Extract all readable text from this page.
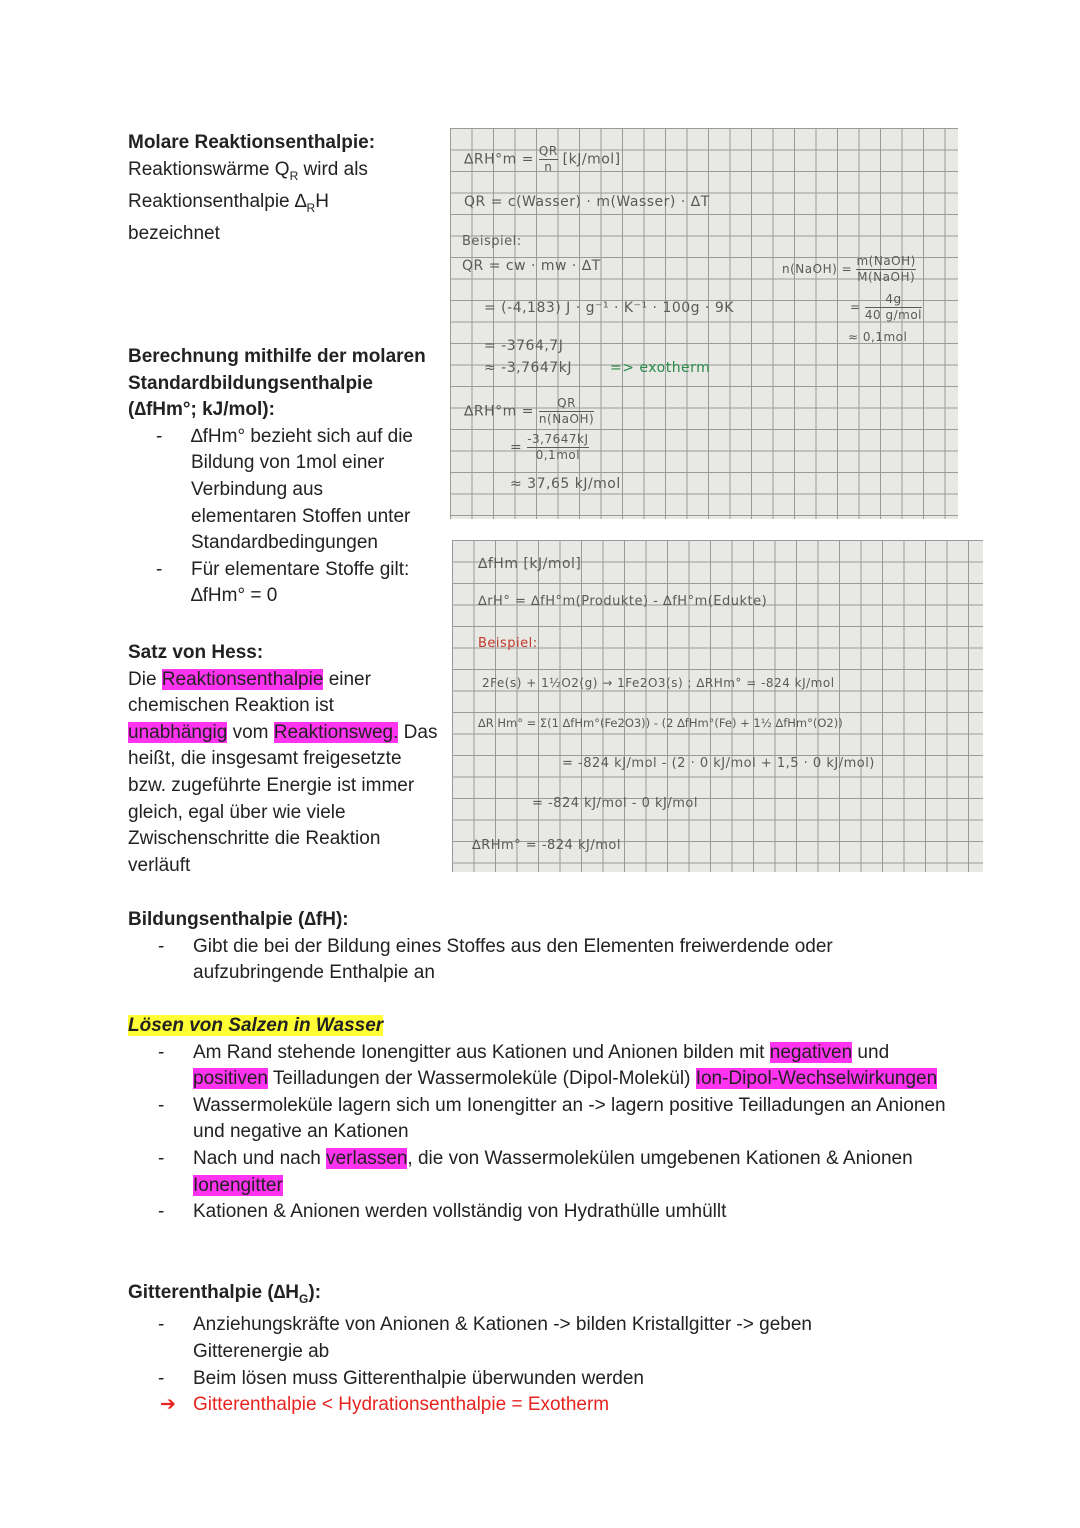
Molare Reaktionsenthalpie:
Reaktionswärme $Q_R$ wird als
Reaktionsenthalpie $\Delta_RH$
bezeichnet
Berechnung mithilfe der molaren
Standardbildungsenthalpie
(∆fHm°; kJ/mol):
- ∆fHm° bezieht sich auf die Bildung von 1mol einer Verbindung aus elementaren Stoffen unter Standardbedingungen
- Für elementare Stoffe gilt: ∆fHm° = 0
Satz von Hess:
Die Reaktionsenthalpie einer chemischen Reaktion ist unabhängig vom Reaktionsweg. Das heißt, die insgesamt freigesetzte bzw. zugeführte Energie ist immer gleich, egal über wie viele Zwischenschritte die Reaktion verläuft
$\Delta RH^\circ m = \frac{QR}{n} [kJ/mol]$
QR = c(Wasser) · m(Wasser) · ∆T
Beispiel:
QR = cw · mw · ∆T
= (-4,183) J · g⁻¹ · K⁻¹ · 100g · 9K
= -3764,7J
≈ -3,7647kJ	=> exotherm
$\Delta RH^\circ m = \frac{QR}{\text{n(NaOH)}}$
= $\frac{-3,7647kJ}{\text{0,1mol}}$
≈ 37,65 kJ/mol
n(NaOH) = $\frac{\text{m(NaOH)}}{\text{M(NaOH)}}$
= $\frac{4g}{\text{40 g/mol}}$
≈ 0,1mol
∆fHm [kJ/mol]
∆rH° = ∆fH°m(Produkte) - ∆fH°m(Edukte)
Beispiel:
2Fe(s) + 1½O2(g) → 1Fe2O3(s) ; ∆RHm° = -824 kJ/mol
∆R Hm° = Σ(1 ∆fHm°(Fe2O3)) - (2 ∆fHm°(Fe) + 1½ ∆fHm°(O2))
= -824 kJ/mol - (2 · 0 kJ/mol + 1,5 · 0 kJ/mol)
= -824 kJ/mol - 0 kJ/mol
∆RHm° = -824 kJ/mol
Bildungsenthalpie (∆fH):
- Gibt die bei der Bildung eines Stoffes aus den Elementen freiwerdende oder aufzubringende Enthalpie an
Lösen von Salzen in Wasser
- Am Rand stehende Ionengitter aus Kationen und Anionen bilden mit negativen und positiven Teilladungen der Wassermoleküle (Dipol-Molekül) Ion-Dipol-Wechselwirkungen
- Wassermoleküle lagern sich um Ionengitter an -> lagern positive Teilladungen an Anionen und negative an Kationen
- Nach und nach verlassen, die von Wassermolekülen umgebenen Kationen & Anionen Ionengitter
- Kationen & Anionen werden vollständig von Hydrathülle umhüllt
Gitterenthalpie $(\Delta H_G)$:
- Anziehungskräfte von Anionen & Kationen -> bilden Kristallgitter -> geben Gitterenergie ab
- Beim lösen muss Gitterenthalpie überwunden werden
➔ Gitterenthalpie < Hydrationsenthalpie = Exotherm
